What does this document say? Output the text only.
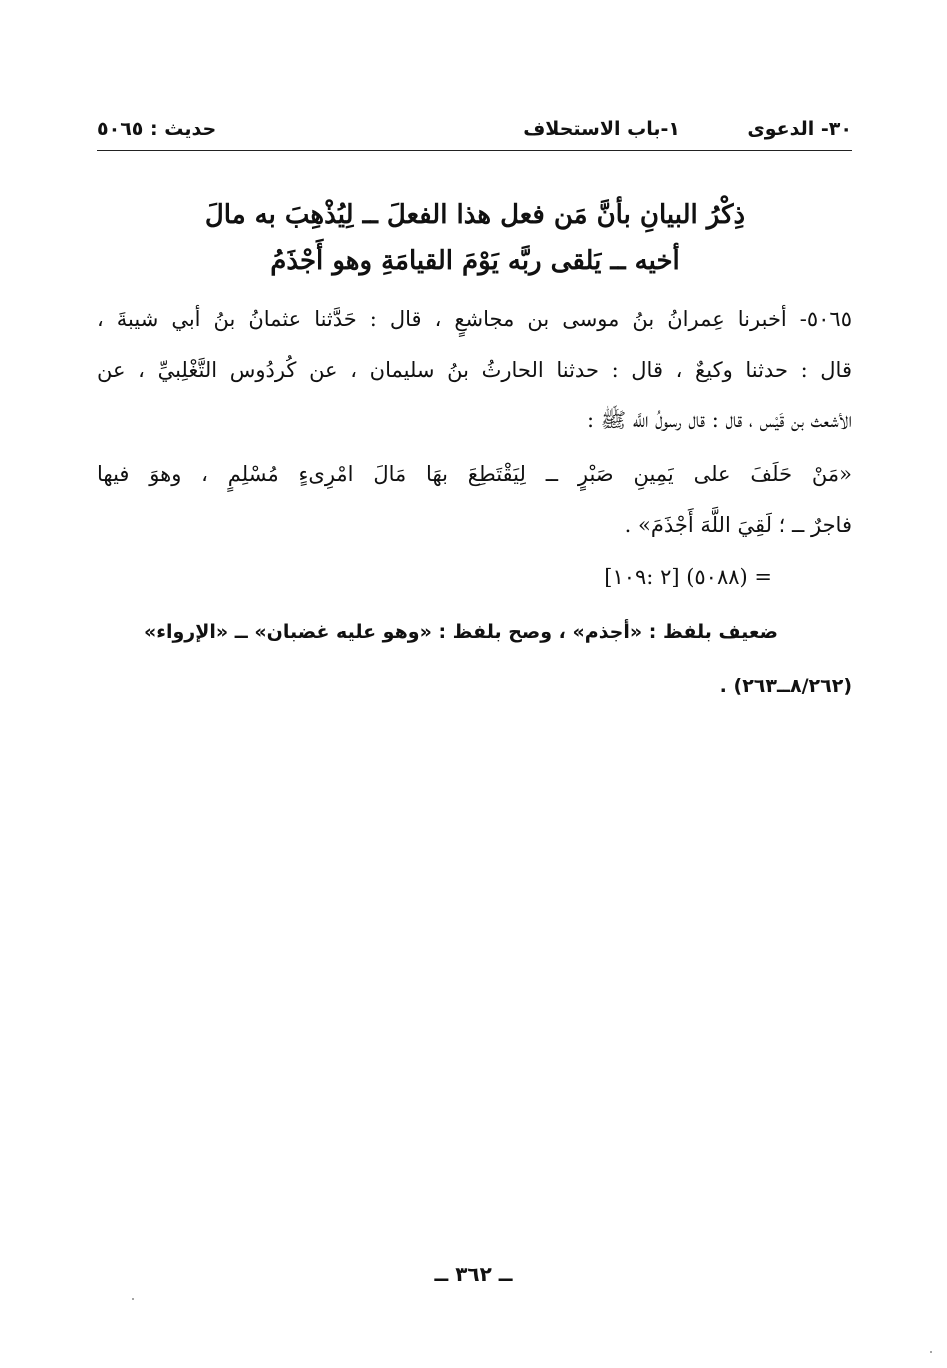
٣٠- الدعوى
١-باب الاستحلاف
حديث : ٥٠٦٥
ذِكْرُ البيانِ بأنَّ مَن فعل هذا الفعلَ ــ لِيُذْهِبَ به مالَ
أخيه ــ يَلقى ربَّه يَوْمَ القيامَةِ وهو أَجْذَمُ
٥٠٦٥- أخبرنا عِمرانُ بنُ موسى بن مجاشعٍ ، قال : حَدَّثنا عثمانُ بنُ أبي شيبةَ ،
قال : حدثنا وكيعٌ ، قال : حدثنا الحارثُ بنُ سليمان ، عن كُردُوس التَّغْلِبيِّ ، عن
الأشعث بن قَيْس ، قال : قال رسولُ اللَّه ﷺ :
«مَنْ حَلَفَ على يَمِينِ صَبْرٍ ــ لِيَقْتَطِعَ بهَا مَالَ امْرِىءٍ مُسْلِمٍ ، وهوَ فيها
فاجرٌ ــ ؛ لَقِيَ اللَّهَ أَجْذَمَ» .
= (٥٠٨٨) [٢ :١٠٩]
ضعيف بلفظ : «أجذم» ، وصح بلفظ : «وهو عليه غضبان» ــ «الإرواء»
(٨/٢٦٢ــ٢٦٣) .
ــ ٣٦٢ ــ
